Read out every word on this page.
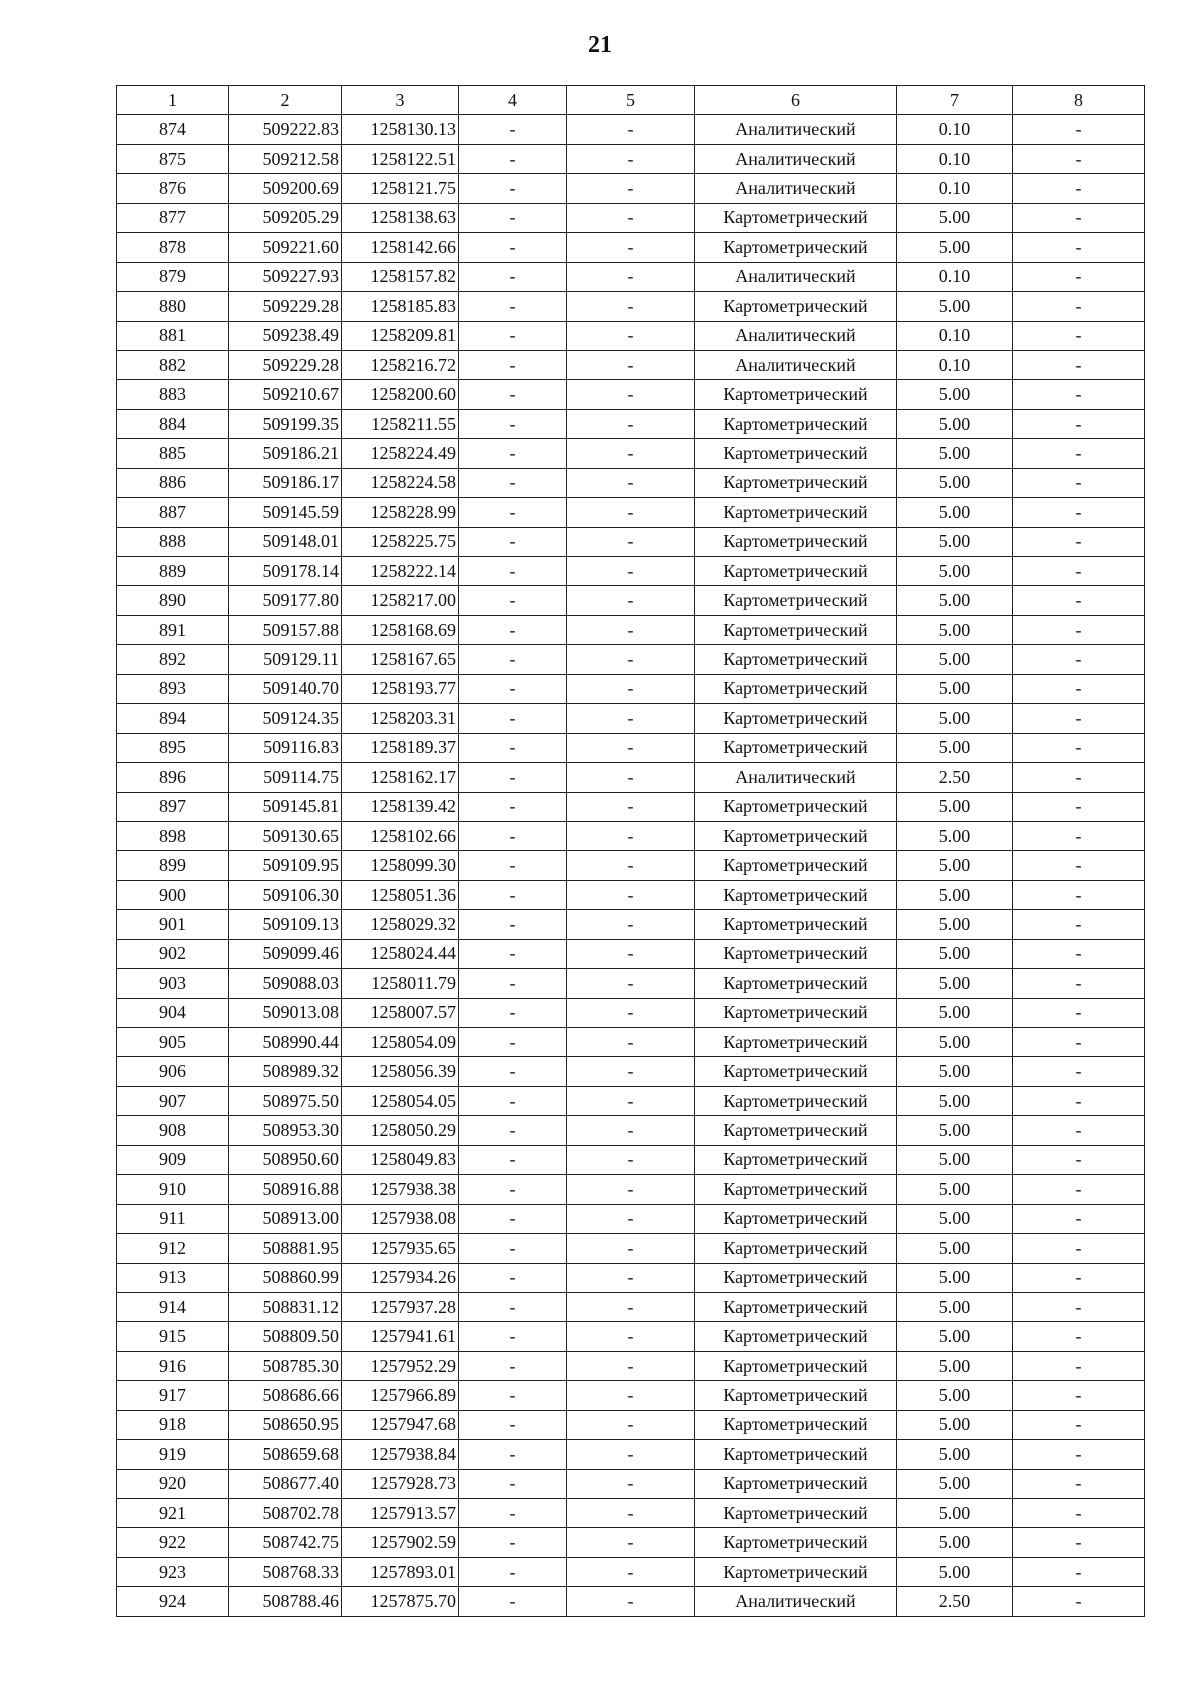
21
1	2	3	4	5	6	7	8
874	509222.83	1258130.13	-	-	Аналитический	0.10	-
875	509212.58	1258122.51	-	-	Аналитический	0.10	-
876	509200.69	1258121.75	-	-	Аналитический	0.10	-
877	509205.29	1258138.63	-	-	Картометрический	5.00	-
878	509221.60	1258142.66	-	-	Картометрический	5.00	-
879	509227.93	1258157.82	-	-	Аналитический	0.10	-
880	509229.28	1258185.83	-	-	Картометрический	5.00	-
881	509238.49	1258209.81	-	-	Аналитический	0.10	-
882	509229.28	1258216.72	-	-	Аналитический	0.10	-
883	509210.67	1258200.60	-	-	Картометрический	5.00	-
884	509199.35	1258211.55	-	-	Картометрический	5.00	-
885	509186.21	1258224.49	-	-	Картометрический	5.00	-
886	509186.17	1258224.58	-	-	Картометрический	5.00	-
887	509145.59	1258228.99	-	-	Картометрический	5.00	-
888	509148.01	1258225.75	-	-	Картометрический	5.00	-
889	509178.14	1258222.14	-	-	Картометрический	5.00	-
890	509177.80	1258217.00	-	-	Картометрический	5.00	-
891	509157.88	1258168.69	-	-	Картометрический	5.00	-
892	509129.11	1258167.65	-	-	Картометрический	5.00	-
893	509140.70	1258193.77	-	-	Картометрический	5.00	-
894	509124.35	1258203.31	-	-	Картометрический	5.00	-
895	509116.83	1258189.37	-	-	Картометрический	5.00	-
896	509114.75	1258162.17	-	-	Аналитический	2.50	-
897	509145.81	1258139.42	-	-	Картометрический	5.00	-
898	509130.65	1258102.66	-	-	Картометрический	5.00	-
899	509109.95	1258099.30	-	-	Картометрический	5.00	-
900	509106.30	1258051.36	-	-	Картометрический	5.00	-
901	509109.13	1258029.32	-	-	Картометрический	5.00	-
902	509099.46	1258024.44	-	-	Картометрический	5.00	-
903	509088.03	1258011.79	-	-	Картометрический	5.00	-
904	509013.08	1258007.57	-	-	Картометрический	5.00	-
905	508990.44	1258054.09	-	-	Картометрический	5.00	-
906	508989.32	1258056.39	-	-	Картометрический	5.00	-
907	508975.50	1258054.05	-	-	Картометрический	5.00	-
908	508953.30	1258050.29	-	-	Картометрический	5.00	-
909	508950.60	1258049.83	-	-	Картометрический	5.00	-
910	508916.88	1257938.38	-	-	Картометрический	5.00	-
911	508913.00	1257938.08	-	-	Картометрический	5.00	-
912	508881.95	1257935.65	-	-	Картометрический	5.00	-
913	508860.99	1257934.26	-	-	Картометрический	5.00	-
914	508831.12	1257937.28	-	-	Картометрический	5.00	-
915	508809.50	1257941.61	-	-	Картометрический	5.00	-
916	508785.30	1257952.29	-	-	Картометрический	5.00	-
917	508686.66	1257966.89	-	-	Картометрический	5.00	-
918	508650.95	1257947.68	-	-	Картометрический	5.00	-
919	508659.68	1257938.84	-	-	Картометрический	5.00	-
920	508677.40	1257928.73	-	-	Картометрический	5.00	-
921	508702.78	1257913.57	-	-	Картометрический	5.00	-
922	508742.75	1257902.59	-	-	Картометрический	5.00	-
923	508768.33	1257893.01	-	-	Картометрический	5.00	-
924	508788.46	1257875.70	-	-	Аналитический	2.50	-
